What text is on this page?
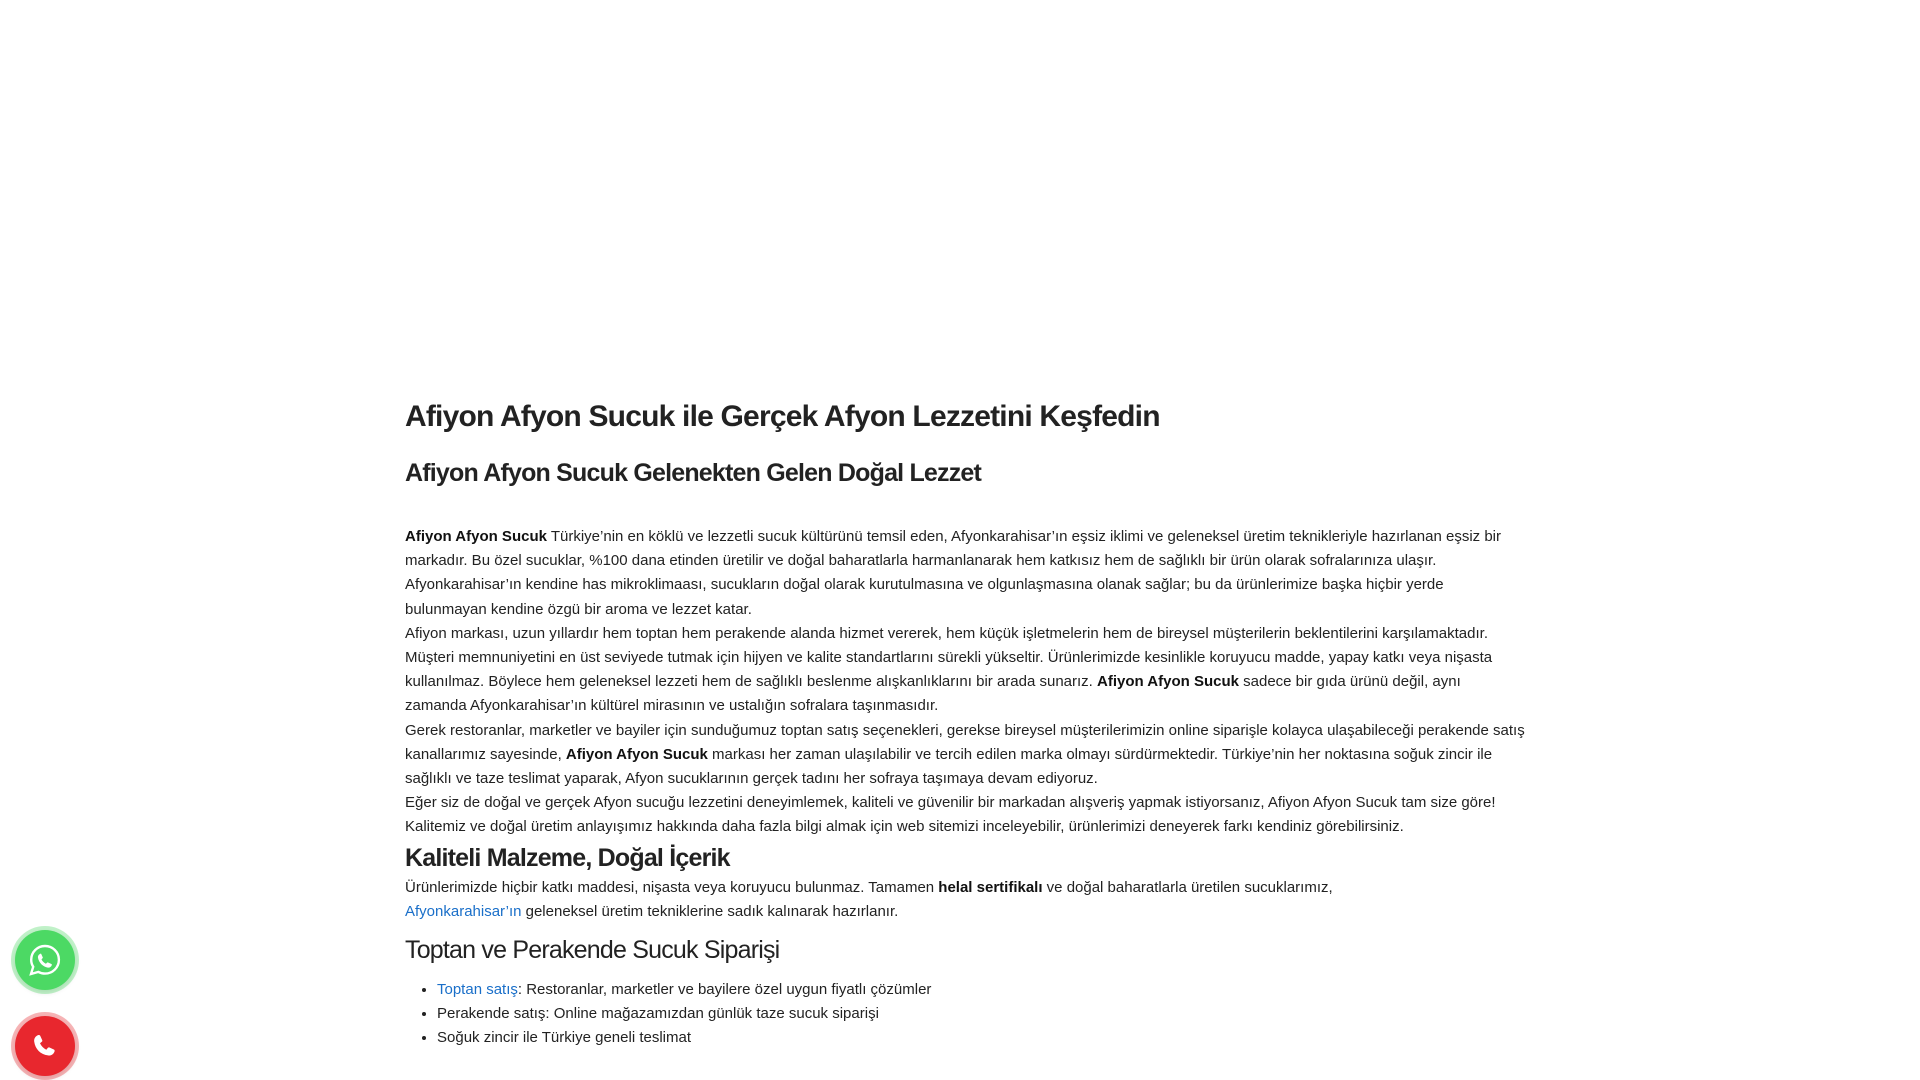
Afiyon Afyon Sucuk ile Gerçek Afyon Lezzetini Keşfedin
Afiyon Afyon Sucuk Gelenekten Gelen Doğal Lezzet

Afiyon Afyon Sucuk Türkiye’nin en köklü ve lezzetli sucuk kültürünü temsil eden, Afyonkarahisar’ın eşsiz iklimi ve geleneksel üretim teknikleriyle hazırlanan eşsiz bir markadır. Bu özel sucuklar, %100 dana etinden üretilir ve doğal baharatlarla harmanlanarak hem katkısız hem de sağlıklı bir ürün olarak sofralarınıza ulaşır. Afyonkarahisar’ın kendine has mikroklimaası, sucukların doğal olarak kurutulmasına ve olgunlaşmasına olanak sağlar; bu da ürünlerimize başka hiçbir yerde bulunmayan kendine özgü bir aroma ve lezzet katar.

Afiyon markası, uzun yıllardır hem toptan hem perakende alanda hizmet vererek, hem küçük işletmelerin hem de bireysel müşterilerin beklentilerini karşılamaktadır. Müşteri memnuniyetini en üst seviyede tutmak için hijyen ve kalite standartlarını sürekli yükseltir. Ürünlerimizde kesinlikle koruyucu madde, yapay katkı veya nişasta kullanılmaz. Böylece hem geleneksel lezzeti hem de sağlıklı beslenme alışkanlıklarını bir arada sunarız. Afiyon Afyon Sucuk sadece bir gıda ürünü değil, aynı zamanda Afyonkarahisar’ın kültürel mirasının ve ustalığın sofralara taşınmasıdır.

Gerek restoranlar, marketler ve bayiler için sunduğumuz toptan satış seçenekleri, gerekse bireysel müşterilerimizin online siparişle kolayca ulaşabileceği perakende satış kanallarımız sayesinde, Afiyon Afyon Sucuk markası her zaman ulaşılabilir ve tercih edilen marka olmayı sürdürmektedir. Türkiye’nin her noktasına soğuk zincir ile sağlıklı ve taze teslimat yaparak, Afyon sucuklarının gerçek tadını her sofraya taşımaya devam ediyoruz.

Eğer siz de doğal ve gerçek Afyon sucuğu lezzetini deneyimlemek, kaliteli ve güvenilir bir markadan alışveriş yapmak istiyorsanız, Afiyon Afyon Sucuk tam size göre! Kalitemiz ve doğal üretim anlayışımız hakkında daha fazla bilgi almak için web sitemizi inceleyebilir, ürünlerimizi deneyerek farkı kendiniz görebilirsiniz.

Kaliteli Malzeme, Doğal İçerik

Ürünlerimizde hiçbir katkı maddesi, nişasta veya koruyucu bulunmaz. Tamamen helal sertifikalı ve doğal baharatlarla üretilen sucuklarımız,
Afyonkarahisar’ın geleneksel üretim tekniklerine sadık kalınarak hazırlanır.

Toptan ve Perakende Sucuk Siparişi
• Toptan satış: Restoranlar, marketler ve bayilere özel uygun fiyatlı çözümler
• Perakende satış: Online mağazamızdan günlük taze sucuk siparişi
• Soğuk zincir ile Türkiye geneli teslimat
